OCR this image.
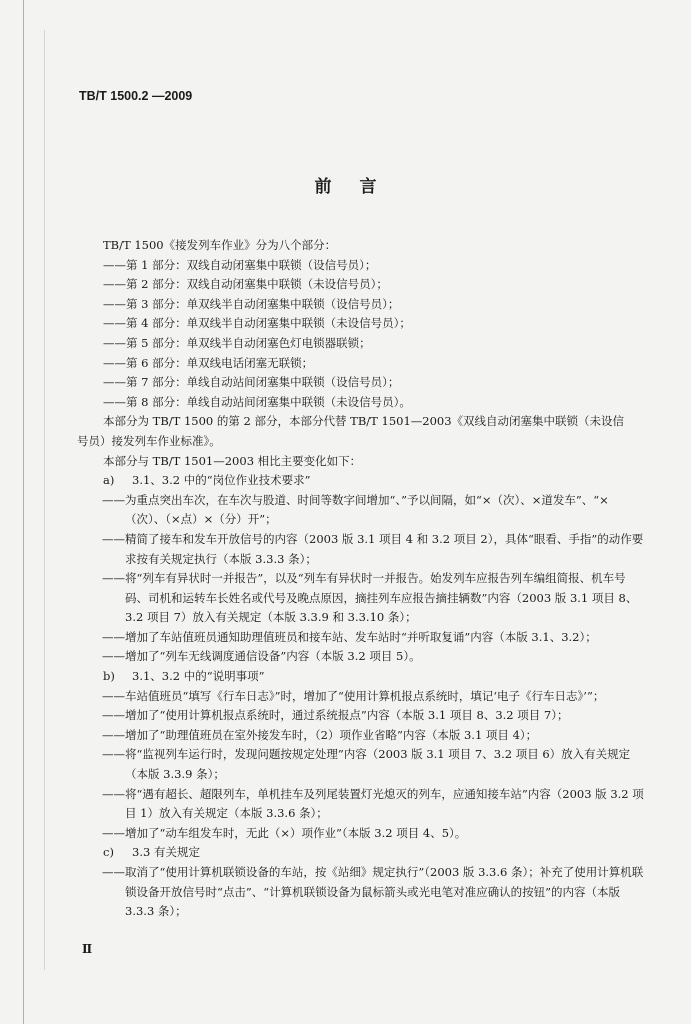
TB/T 1500.2 —2009
前言
TB/T 1500《接发列车作业》分为八个部分：
——第 1 部分：双线自动闭塞集中联锁（设信号员）；
——第 2 部分：双线自动闭塞集中联锁（未设信号员）；
——第 3 部分：单双线半自动闭塞集中联锁（设信号员）；
——第 4 部分：单双线半自动闭塞集中联锁（未设信号员）；
——第 5 部分：单双线半自动闭塞色灯电锁器联锁；
——第 6 部分：单双线电话闭塞无联锁；
——第 7 部分：单线自动站间闭塞集中联锁（设信号员）；
——第 8 部分：单线自动站间闭塞集中联锁（未设信号员）。
本部分为 TB/T 1500 的第 2 部分，本部分代替 TB/T 1501—2003《双线自动闭塞集中联锁（未设信
号员）接发列车作业标准》。
本部分与 TB/T 1501—2003 相比主要变化如下：
a) 3.1、3.2 中的“岗位作业技术要求”
——为重点突出车次，在车次与股道、时间等数字间增加“、”予以间隔，如“×（次）、×道发车”、“×（次）、（×点）×（分）开”；
——精简了接车和发车开放信号的内容（2003 版 3.1 项目 4 和 3.2 项目 2），具体“眼看、手指”的动作要求按有关规定执行（本版 3.3.3 条）；
——将“列车有异状时一并报告”，以及“列车有异状时一并报告。始发列车应报告列车编组简报、机车号码、司机和运转车长姓名或代号及晚点原因，摘挂列车应报告摘挂辆数”内容（2003 版 3.1 项目 8、3.2 项目 7）放入有关规定（本版 3.3.9 和 3.3.10 条）；
——增加了车站值班员通知助理值班员和接车站、发车站时“并听取复诵”内容（本版 3.1、3.2）；
——增加了“列车无线调度通信设备”内容（本版 3.2 项目 5）。
b) 3.1、3.2 中的“说明事项”
——车站值班员“填写《行车日志》”时，增加了“使用计算机报点系统时，填记‘电子《行车日志》’”；
——增加了“使用计算机报点系统时，通过系统报点”内容（本版 3.1 项目 8、3.2 项目 7）；
——增加了“助理值班员在室外接发车时，（2）项作业省略”内容（本版 3.1 项目 4）；
——将“监视列车运行时，发现问题按规定处理”内容（2003 版 3.1 项目 7、3.2 项目 6）放入有关规定（本版 3.3.9 条）；
——将“遇有超长、超限列车，单机挂车及列尾装置灯光熄灭的列车，应通知接车站”内容（2003 版 3.2 项目 1）放入有关规定（本版 3.3.6 条）；
——增加了“动车组发车时，无此（×）项作业”（本版 3.2 项目 4、5）。
c) 3.3 有关规定
——取消了“使用计算机联锁设备的车站，按《站细》规定执行”（2003 版 3.3.6 条）；补充了使用计算机联锁设备开放信号时“点击”、“计算机联锁设备为鼠标箭头或光电笔对准应确认的按钮”的内容（本版 3.3.3 条）；
Ⅱ
